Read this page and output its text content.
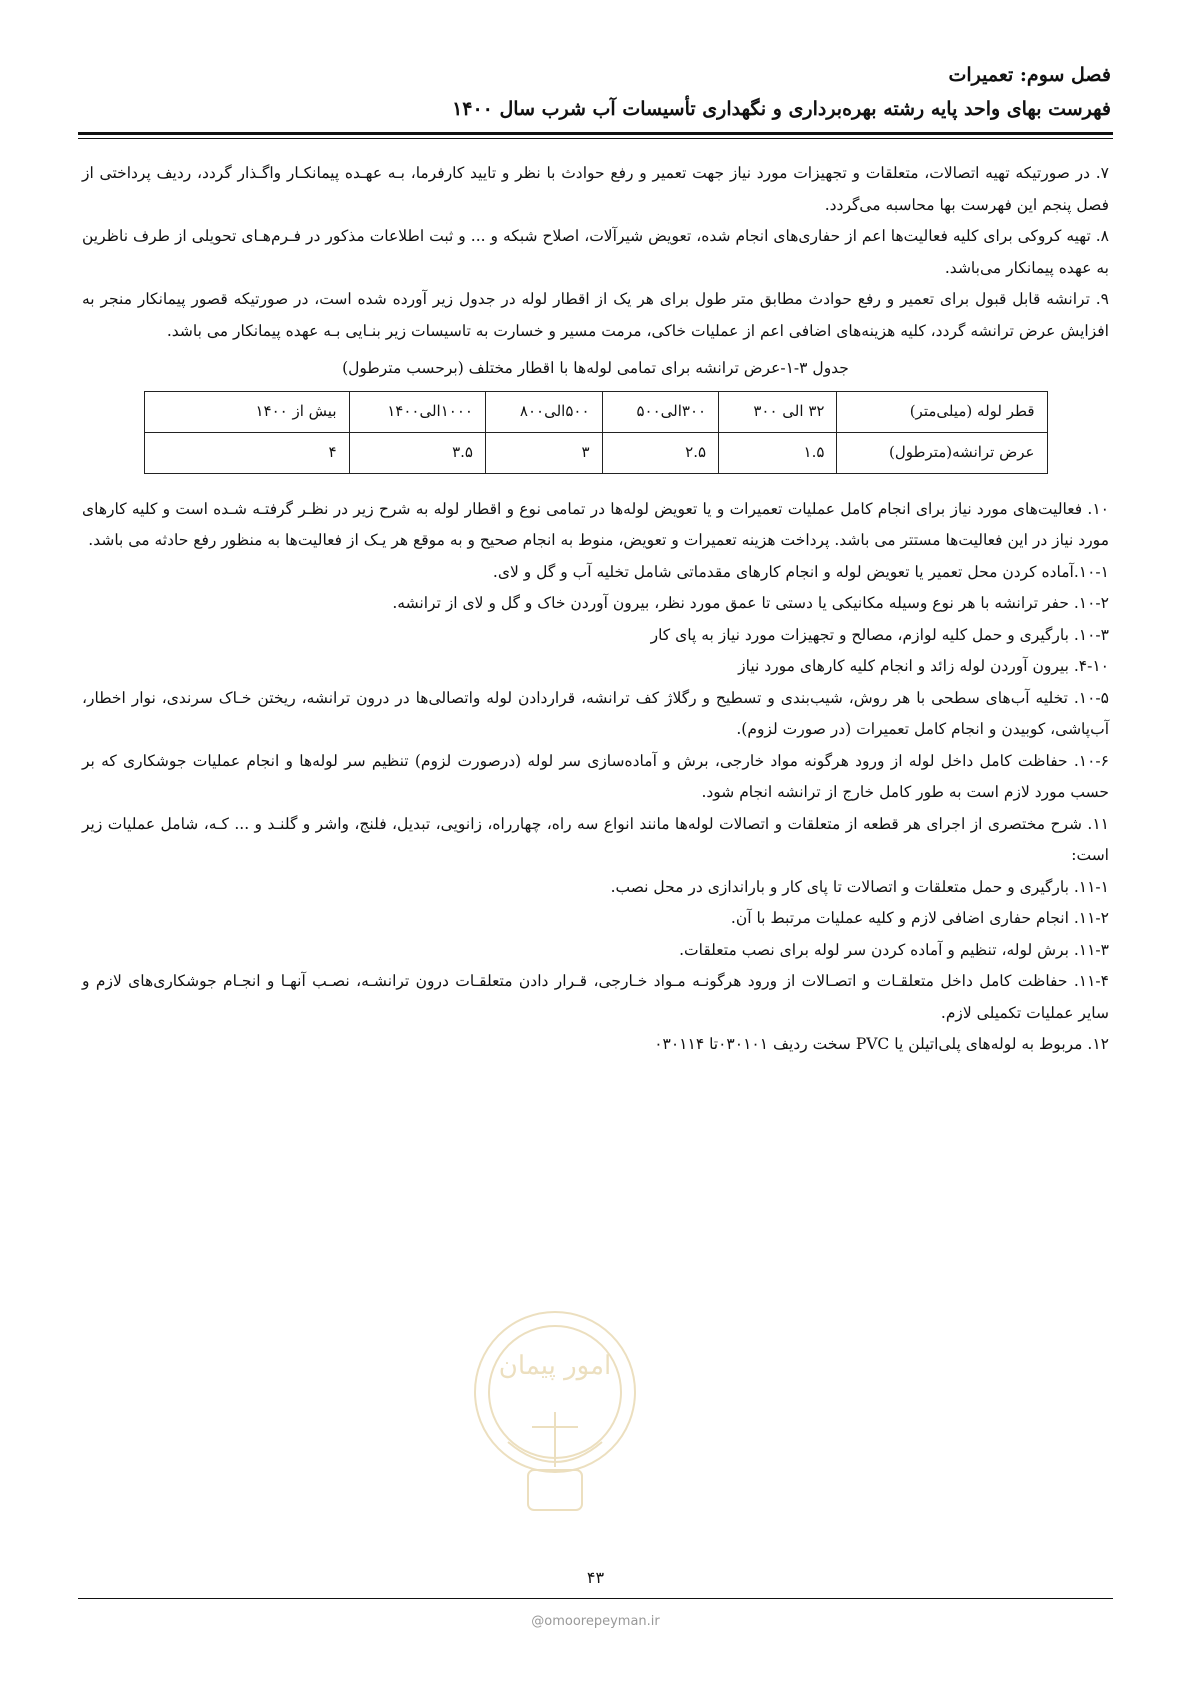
فصل سوم: تعمیرات
فهرست بهای واحد پایه رشته بهره‌برداری و نگهداری تأسیسات آب شرب سال ۱۴۰۰

۷. در صورتیکه تهیه اتصالات، متعلقات و تجهیزات مورد نیاز جهت تعمیر و رفع حوادث با نظر و تایید کارفرما، بـه عهـده پیمانکـار واگـذار گردد، ردیف پرداختی از فصل پنجم این فهرست بها محاسبه می‌گردد.

۸. تهیه کروکی برای کلیه فعالیت‌ها اعم از حفاری‌های انجام شده، تعویض شیرآلات، اصلاح شبکه و ... و ثبت اطلاعات مذکور در فـرم‌هـای تحویلی از طرف ناظرین به عهده پیمانکار می‌باشد.

۹. ترانشه قابل قبول برای تعمیر و رفع حوادث مطابق متر طول برای هر یک از اقطار لوله در جدول زیر آورده شده است، در صورتیکه قصور پیمانکار منجر به افزایش عرض ترانشه گردد، کلیه هزینه‌های اضافی اعم از عملیات خاکی، مرمت مسیر و خسارت به تاسیسات زیر بنـایی بـه عهده پیمانکار می باشد.

جدول ۳-۱-عرض ترانشه برای تمامی لوله‌ها با اقطار مختلف (برحسب مترطول)

قطر لوله (میلی‌متر)	۳۲ الی ۳۰۰	۳۰۰الی۵۰۰	۵۰۰الی۸۰۰	۱۰۰۰الی۱۴۰۰	بیش از ۱۴۰۰
عرض ترانشه(مترطول)	۱.۵	۲.۵	۳	۳.۵	۴

۱۰. فعالیت‌های مورد نیاز برای انجام کامل عملیات تعمیرات و یا تعویض لوله‌ها در تمامی نوع و اقطار لوله به شرح زیر در نظـر گرفتـه شـده است و کلیه کارهای مورد نیاز در این فعالیت‌ها مستتر می باشد. پرداخت هزینه تعمیرات و تعویض، منوط به انجام صحیح و به موقع هر یـک از فعالیت‌ها به منظور رفع حادثه می باشد.

۱۰-۱.آماده کردن محل تعمیر یا تعویض لوله و انجام کارهای مقدماتی شامل تخلیه آب و گل و لای.

۱۰-۲. حفر ترانشه با هر نوع وسیله مکانیکی یا دستی تا عمق مورد نظر، بیرون آوردن خاک و گل و لای از ترانشه.

۱۰-۳. بارگیری و حمل کلیه لوازم، مصالح و تجهیزات مورد نیاز به پای کار

۴-۱۰. بیرون آوردن لوله زائد و انجام کلیه کارهای مورد نیاز

۱۰-۵. تخلیه آب‌های سطحی با هر روش، شیب‌بندی و تسطیح و رگلاژ کف ترانشه، قراردادن لوله واتصالی‌ها در درون ترانشه، ریختن خـاک سرندی، نوار اخطار، آب‌پاشی، کوبیدن و انجام کامل تعمیرات (در صورت لزوم).

۱۰-۶. حفاظت کامل داخل لوله از ورود هرگونه مواد خارجی، برش و آماده‌سازی سر لوله (درصورت لزوم) تنظیم سر لوله‌ها و انجام عملیات جوشکاری که بر حسب مورد لازم است به طور کامل خارج از ترانشه انجام شود.

۱۱. شرح مختصری از اجرای هر قطعه از متعلقات و اتصالات لوله‌ها مانند انواع سه راه، چهارراه، زانویی، تبدیل، فلنج، واشر و گلنـد و ... کـه، شامل عملیات زیر است:

۱۱-۱. بارگیری و حمل متعلقات و اتصالات تا پای کار و باراندازی در محل نصب.

۱۱-۲. انجام حفاری اضافی لازم و کلیه عملیات مرتبط با آن.

۱۱-۳. برش لوله، تنظیم و آماده کردن سر لوله برای نصب متعلقات.

۱۱-۴. حفاظت کامل داخل متعلقـات و اتصـالات از ورود هرگونـه مـواد خـارجی، قـرار دادن متعلقـات درون ترانشـه، نصـب آنهـا و انجـام جوشکاری‌های لازم و سایر عملیات تکمیلی لازم.

۱۲. مربوط به لوله‌های پلی‌اتیلن یا PVC سخت ردیف ۰۳۰۱۰۱تا ۰۳۰۱۱۴

امور پیمان
۴۳
@omoorepeyman.ir
